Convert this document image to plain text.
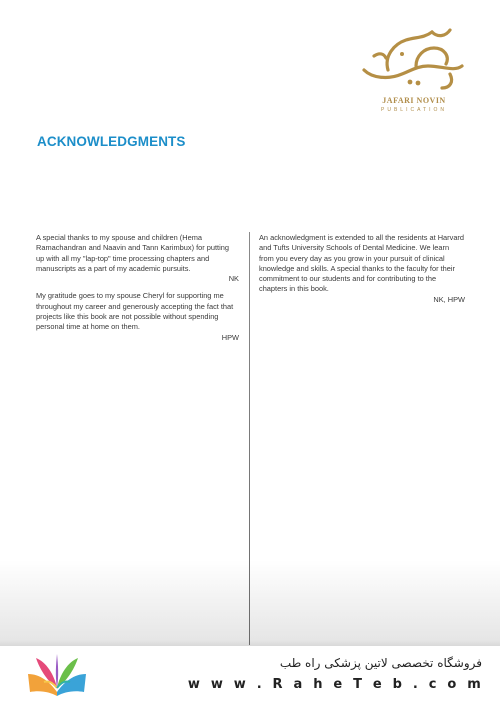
JAFARI NOVIN
PUBLICATION
ACKNOWLEDGMENTS

A special thanks to my spouse and children (Hema Ramachandran and Naavin and Tann Karimbux) for putting up with all my "lap-top" time processing chapters and manuscripts as a part of my academic pursuits.

NK

My gratitude goes to my spouse Cheryl for supporting me throughout my career and generously accepting the fact that projects like this book are not possible without spending personal time at home on them.

HPW

An acknowledgment is extended to all the residents at Harvard and Tufts University Schools of Dental Medicine. We learn from you every day as you grow in your pursuit of clinical knowledge and skills. A special thanks to the faculty for their commitment to our students and for contributing to the chapters in this book.

NK, HPW

فروشگاه تخصصی لاتین پزشکی راه طب
w w w . R a h e T e b . c o m
